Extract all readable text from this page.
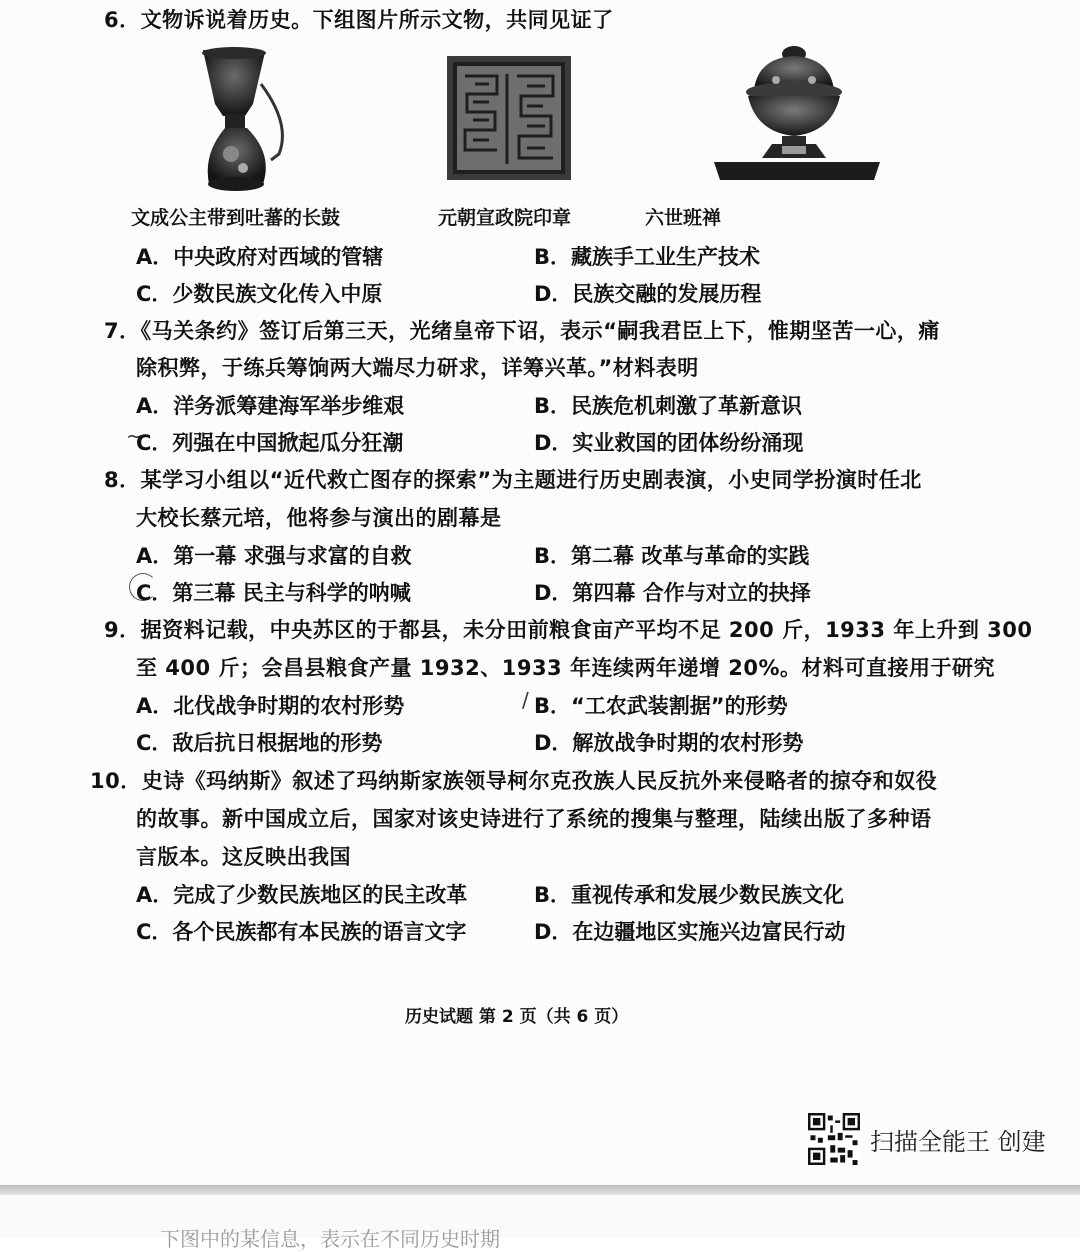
6．文物诉说着历史。下组图片所示文物，共同见证了
文成公主带到吐蕃的长鼓	元朝宣政院印章	六世班禅
A．中央政府对西域的管辖	B．藏族手工业生产技术
C．少数民族文化传入中原	D．民族交融的发展历程
7．《马关条约》签订后第三天，光绪皇帝下诏，表示“嗣我君臣上下，惟期坚苦一心，痛
除积弊，于练兵筹饷两大端尽力研求，详筹兴革。”材料表明
A．洋务派筹建海军举步维艰	B．民族危机刺激了革新意识
~
C．列强在中国掀起瓜分狂潮	D．实业救国的团体纷纷涌现
8．某学习小组以“近代救亡图存的探索”为主题进行历史剧表演，小史同学扮演时任北
大校长蔡元培，他将参与演出的剧幕是
A．第一幕 求强与求富的自救	B．第二幕 改革与革命的实践
C．第三幕 民主与科学的呐喊	D．第四幕 合作与对立的抉择
9．据资料记载，中央苏区的于都县，未分田前粮食亩产平均不足 200 斤，1933 年上升到 300
至 400 斤；会昌县粮食产量 1932、1933 年连续两年递增 20%。材料可直接用于研究
A．北伐战争时期的农村形势	/ B．“工农武装割据”的形势
C．敌后抗日根据地的形势	D．解放战争时期的农村形势
10．史诗《玛纳斯》叙述了玛纳斯家族领导柯尔克孜族人民反抗外来侵略者的掠夺和奴役
的故事。新中国成立后，国家对该史诗进行了系统的搜集与整理，陆续出版了多种语
言版本。这反映出我国
A．完成了少数民族地区的民主改革	B．重视传承和发展少数民族文化
C．各个民族都有本民族的语言文字	D．在边疆地区实施兴边富民行动
历史试题 第 2 页（共 6 页）
扫描全能王 创建
下图中的某信息，表示在不同历史时期
